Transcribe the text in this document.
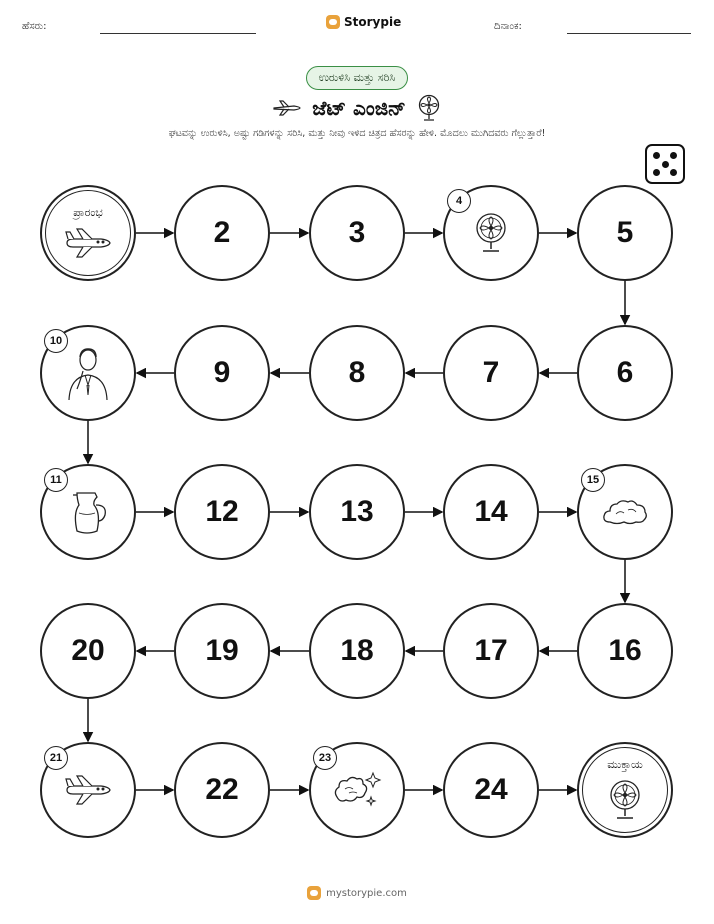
ಹೆಸರು:	Storypie	ದಿನಾಂಕ:
ಉರುಳಿಸಿ ಮತ್ತು ಸರಿಸಿ
ಜೆಟ್ ಎಂಜಿನ್
ಘಟವನ್ನು ಉರುಳಿಸಿ, ಅಷ್ಟು ಗಡಿಗಳನ್ನು ಸರಿಸಿ, ಮತ್ತು ನೀವು ಇಳಿದ ಚಿತ್ರದ ಹೆಸರನ್ನು ಹೇಳಿ. ಮೊದಲು ಮುಗಿದವರು ಗೆಲ್ಲುತ್ತಾರೆ!
ಪ್ರಾರಂಭ
2	3
4
5
6
7
8
9
10
11
12	13	14
15
16
17
18
19
20
21
22
23
24
ಮುಕ್ತಾಯ
mystorypie.com
